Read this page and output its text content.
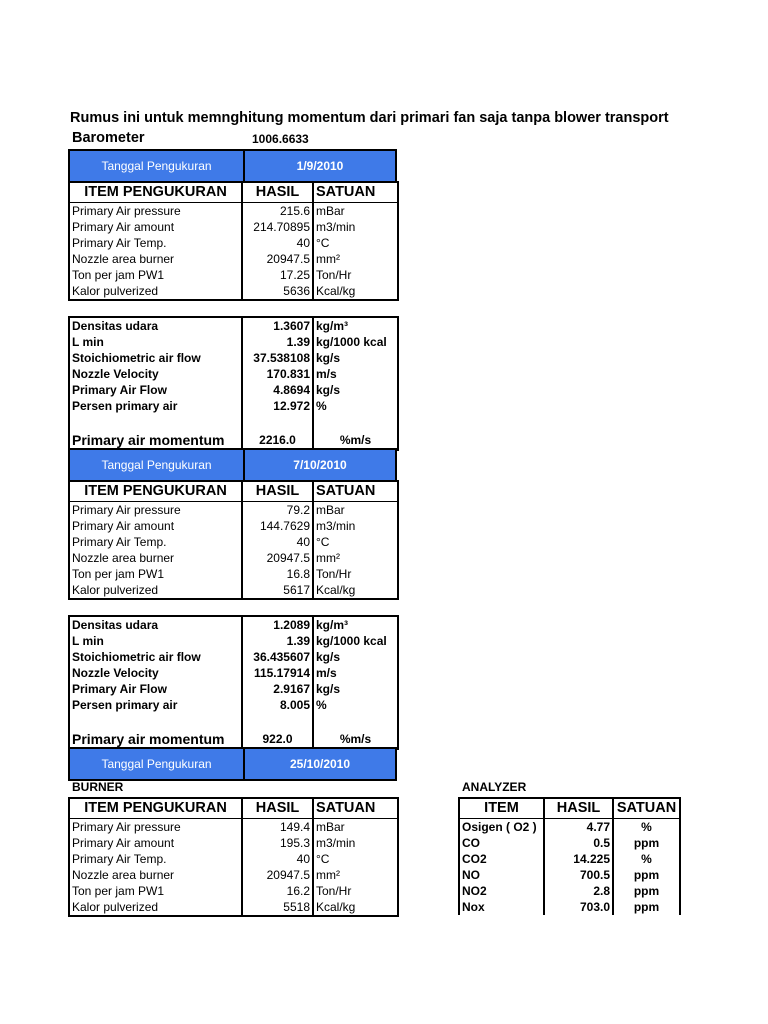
Rumus ini untuk memnghitung momentum dari primari fan saja tanpa blower transport
Barometer	1006.6633
Tanggal Pengukuran	1/9/2010
ITEM PENGUKURAN	HASIL	SATUAN
Primary Air pressure	215.6	mBar
Primary Air amount	214.70895	m3/min
Primary Air Temp.	40	°C
Nozzle area burner	20947.5	mm²
Ton per jam PW1	17.25	Ton/Hr
Kalor pulverized	5636	Kcal/kg
Densitas udara	1.3607	kg/m³
L min	1.39	kg/1000 kcal
Stoichiometric air flow	37.538108	kg/s
Nozzle Velocity	170.831	m/s
Primary Air Flow	4.8694	kg/s
Persen primary air	12.972	%

Primary air momentum	2216.0	%m/s
Tanggal Pengukuran	7/10/2010
ITEM PENGUKURAN	HASIL	SATUAN
Primary Air pressure	79.2	mBar
Primary Air amount	144.7629	m3/min
Primary Air Temp.	40	°C
Nozzle area burner	20947.5	mm²
Ton per jam PW1	16.8	Ton/Hr
Kalor pulverized	5617	Kcal/kg
Densitas udara	1.2089	kg/m³
L min	1.39	kg/1000 kcal
Stoichiometric air flow	36.435607	kg/s
Nozzle Velocity	115.17914	m/s
Primary Air Flow	2.9167	kg/s
Persen primary air	8.005	%

Primary air momentum	922.0	%m/s
Tanggal Pengukuran	25/10/2010
BURNER
ITEM PENGUKURAN	HASIL	SATUAN
Primary Air pressure	149.4	mBar
Primary Air amount	195.3	m3/min
Primary Air Temp.	40	°C
Nozzle area burner	20947.5	mm²
Ton per jam PW1	16.2	Ton/Hr
Kalor pulverized	5518	Kcal/kg
ANALYZER
ITEM	HASIL	SATUAN
Osigen ( O2 )	4.77	%
CO	0.5	ppm
CO2	14.225	%
NO	700.5	ppm
NO2	2.8	ppm
Nox	703.0	ppm
